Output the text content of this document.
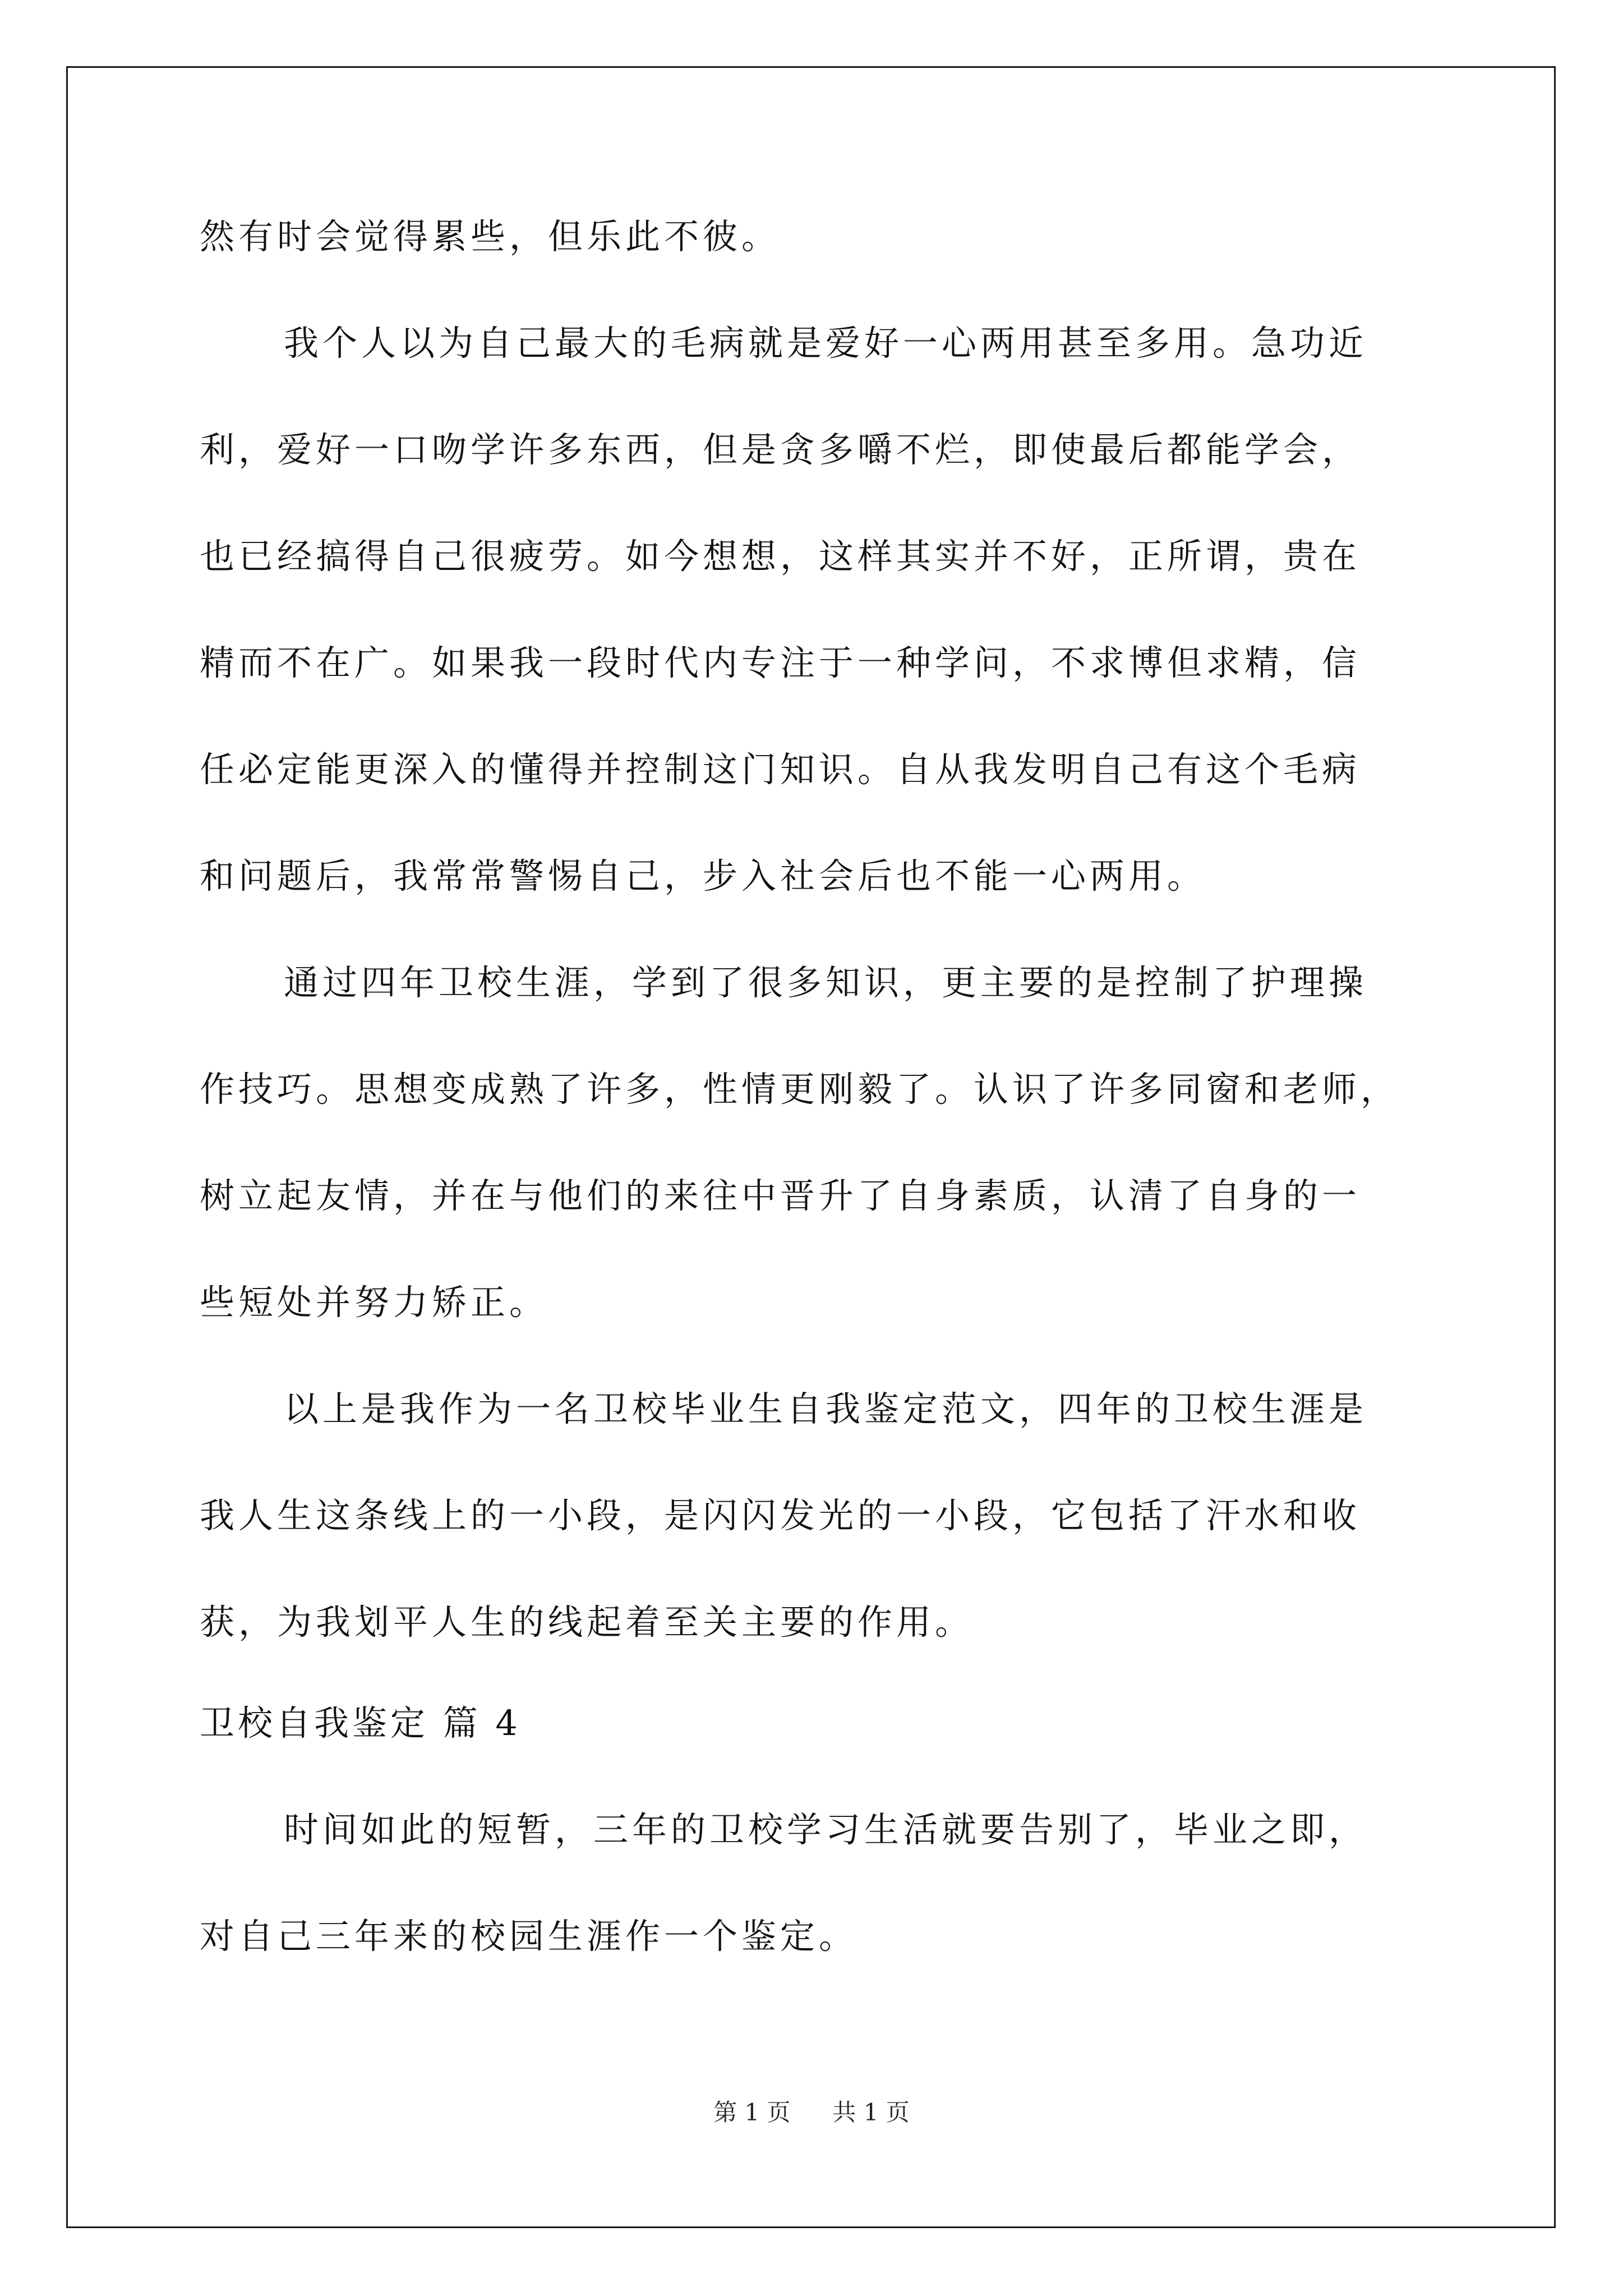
然有时会觉得累些，但乐此不彼。
我个人以为自己最大的毛病就是爱好一心两用甚至多用。急功近
利，爱好一口吻学许多东西，但是贪多嚼不烂，即使最后都能学会，
也已经搞得自己很疲劳。如今想想，这样其实并不好，正所谓，贵在
精而不在广。如果我一段时代内专注于一种学问，不求博但求精，信
任必定能更深入的懂得并控制这门知识。自从我发明自己有这个毛病
和问题后，我常常警惕自己，步入社会后也不能一心两用。
通过四年卫校生涯，学到了很多知识，更主要的是控制了护理操
作技巧。思想变成熟了许多，性情更刚毅了。认识了许多同窗和老师，
树立起友情，并在与他们的来往中晋升了自身素质，认清了自身的一
些短处并努力矫正。
以上是我作为一名卫校毕业生自我鉴定范文，四年的卫校生涯是
我人生这条线上的一小段，是闪闪发光的一小段，它包括了汗水和收
获，为我划平人生的线起着至关主要的作用。
卫校自我鉴定 篇 4
时间如此的短暂，三年的卫校学习生活就要告别了，毕业之即，
对自己三年来的校园生涯作一个鉴定。
第 1 页 共 1 页
